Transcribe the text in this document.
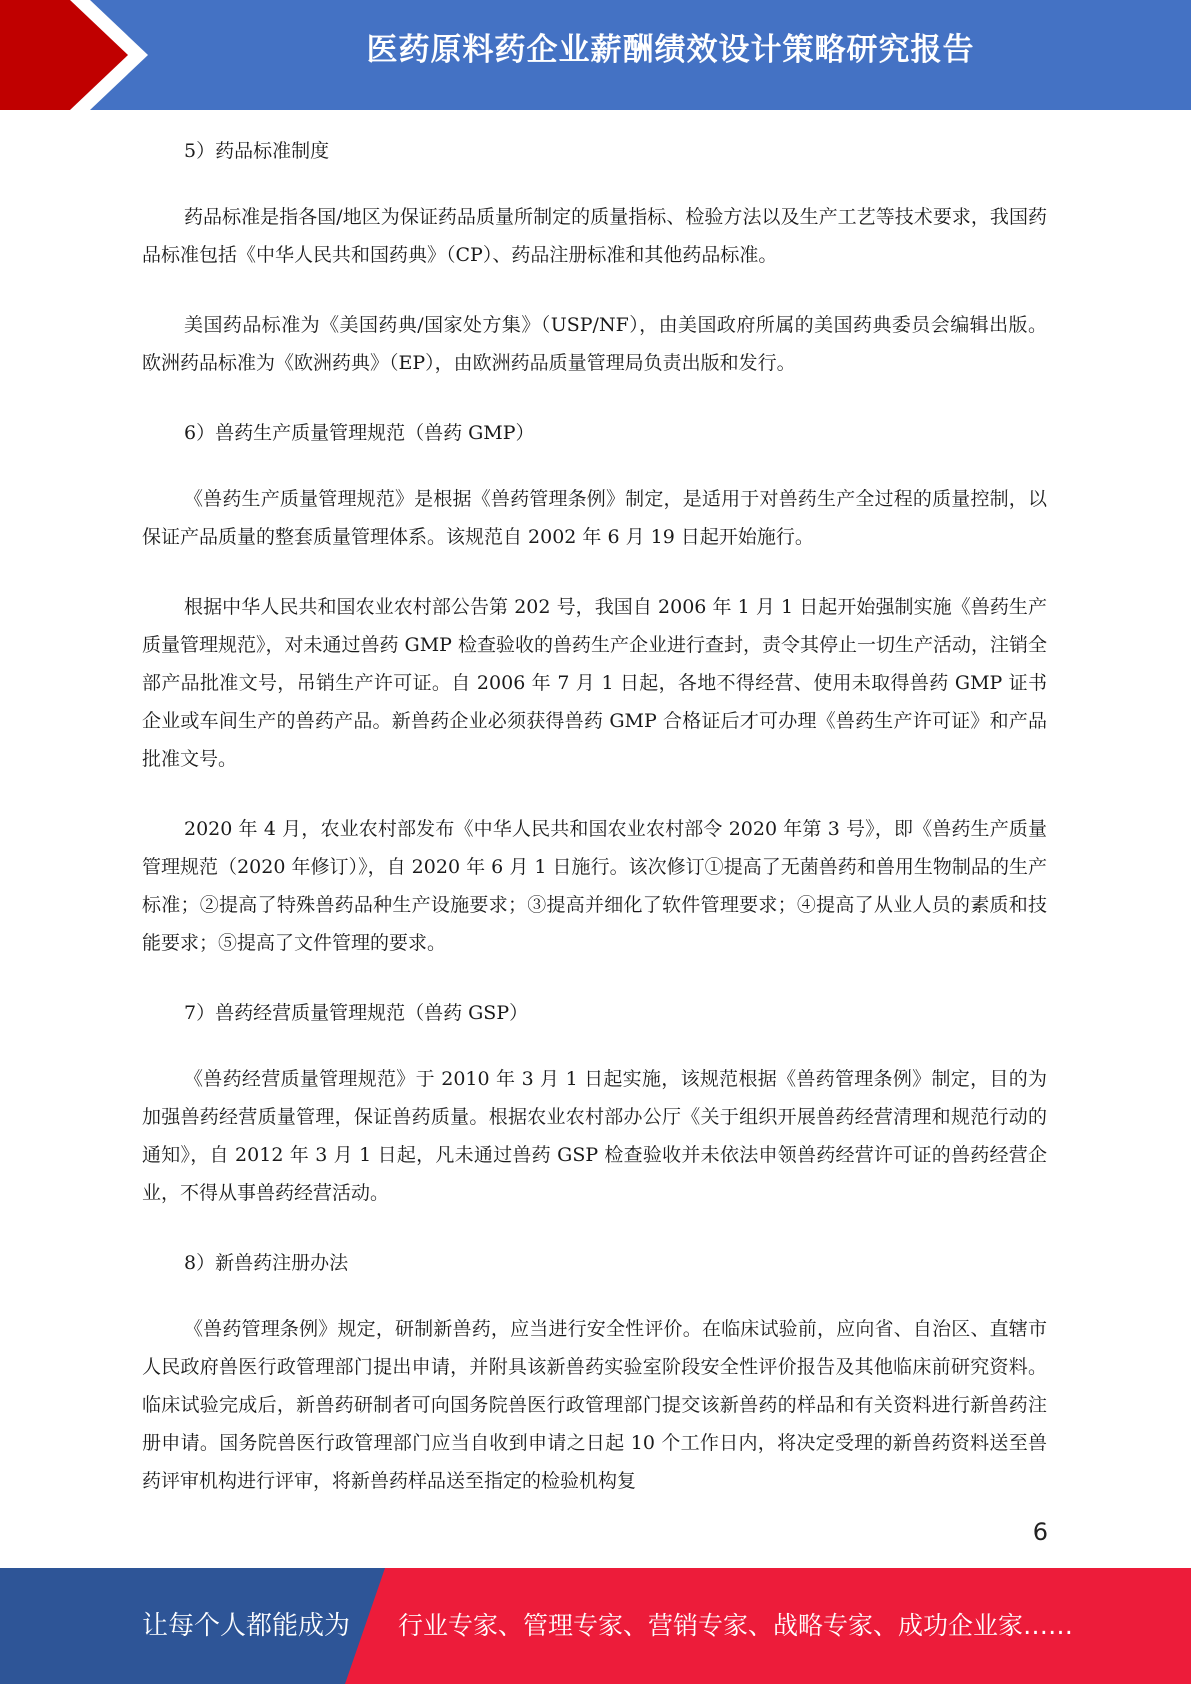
医药原料药企业薪酬绩效设计策略研究报告
5）药品标准制度

药品标准是指各国/地区为保证药品质量所制定的质量指标、检验方法以及生产工艺等技术要求，我国药品标准包括《中华人民共和国药典》（CP）、药品注册标准和其他药品标准。

美国药品标准为《美国药典/国家处方集》（USP/NF），由美国政府所属的美国药典委员会编辑出版。欧洲药品标准为《欧洲药典》（EP），由欧洲药品质量管理局负责出版和发行。

6）兽药生产质量管理规范（兽药 GMP）

《兽药生产质量管理规范》是根据《兽药管理条例》制定，是适用于对兽药生产全过程的质量控制，以保证产品质量的整套质量管理体系。该规范自 2002 年 6 月 19 日起开始施行。

根据中华人民共和国农业农村部公告第 202 号，我国自 2006 年 1 月 1 日起开始强制实施《兽药生产质量管理规范》，对未通过兽药 GMP 检查验收的兽药生产企业进行查封，责令其停止一切生产活动，注销全部产品批准文号，吊销生产许可证。自 2006 年 7 月 1 日起，各地不得经营、使用未取得兽药 GMP 证书企业或车间生产的兽药产品。新兽药企业必须获得兽药 GMP 合格证后才可办理《兽药生产许可证》和产品批准文号。

2020 年 4 月，农业农村部发布《中华人民共和国农业农村部令 2020 年第 3 号》，即《兽药生产质量管理规范（2020 年修订）》，自 2020 年 6 月 1 日施行。该次修订①提高了无菌兽药和兽用生物制品的生产标准；②提高了特殊兽药品种生产设施要求；③提高并细化了软件管理要求；④提高了从业人员的素质和技能要求；⑤提高了文件管理的要求。

7）兽药经营质量管理规范（兽药 GSP）

《兽药经营质量管理规范》于 2010 年 3 月 1 日起实施，该规范根据《兽药管理条例》制定，目的为加强兽药经营质量管理，保证兽药质量。根据农业农村部办公厅《关于组织开展兽药经营清理和规范行动的通知》，自 2012 年 3 月 1 日起，凡未通过兽药 GSP 检查验收并未依法申领兽药经营许可证的兽药经营企业，不得从事兽药经营活动。

8）新兽药注册办法

《兽药管理条例》规定，研制新兽药，应当进行安全性评价。在临床试验前，应向省、自治区、直辖市人民政府兽医行政管理部门提出申请，并附具该新兽药实验室阶段安全性评价报告及其他临床前研究资料。临床试验完成后，新兽药研制者可向国务院兽医行政管理部门提交该新兽药的样品和有关资料进行新兽药注册申请。国务院兽医行政管理部门应当自收到申请之日起 10 个工作日内，将决定受理的新兽药资料送至兽药评审机构进行评审，将新兽药样品送至指定的检验机构复

6
让每个人都能成为 行业专家、管理专家、营销专家、战略专家、成功企业家……
